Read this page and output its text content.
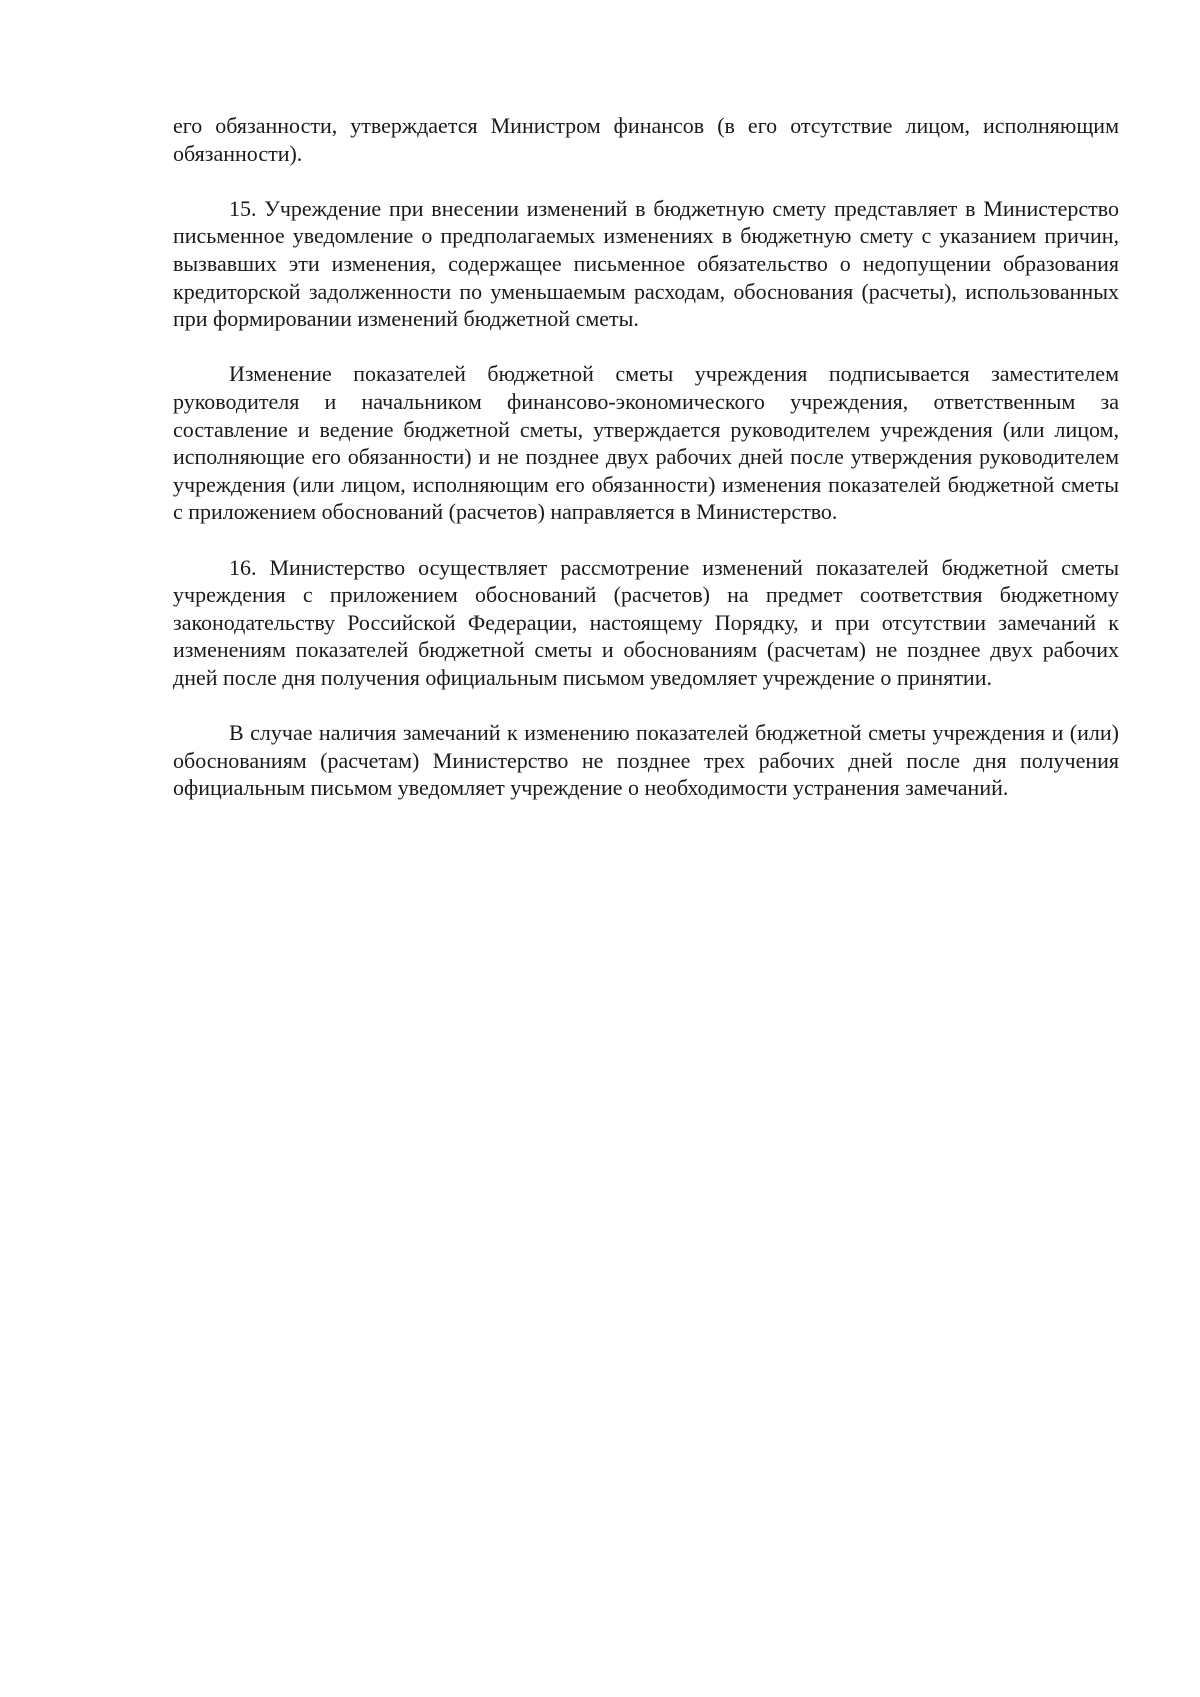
его обязанности, утверждается Министром финансов (в его отсутствие лицом, исполняющим обязанности).

15. Учреждение при внесении изменений в бюджетную смету представляет в Министерство письменное уведомление о предполагаемых изменениях в бюджетную смету с указанием причин, вызвавших эти изменения, содержащее письменное обязательство о недопущении образования кредиторской задолженности по уменьшаемым расходам, обоснования (расчеты), использованных при формировании изменений бюджетной сметы.

Изменение показателей бюджетной сметы учреждения подписывается заместителем руководителя и начальником финансово-экономического учреждения, ответственным за составление и ведение бюджетной сметы, утверждается руководителем учреждения (или лицом, исполняющие его обязанности) и не позднее двух рабочих дней после утверждения руководителем учреждения (или лицом, исполняющим его обязанности) изменения показателей бюджетной сметы с приложением обоснований (расчетов) направляется в Министерство.

16. Министерство осуществляет рассмотрение изменений показателей бюджетной сметы учреждения с приложением обоснований (расчетов) на предмет соответствия бюджетному законодательству Российской Федерации, настоящему Порядку, и при отсутствии замечаний к изменениям показателей бюджетной сметы и обоснованиям (расчетам) не позднее двух рабочих дней после дня получения официальным письмом уведомляет учреждение о принятии.

В случае наличия замечаний к изменению показателей бюджетной сметы учреждения и (или) обоснованиям (расчетам) Министерство не позднее трех рабочих дней после дня получения официальным письмом уведомляет учреждение о необходимости устранения замечаний.
